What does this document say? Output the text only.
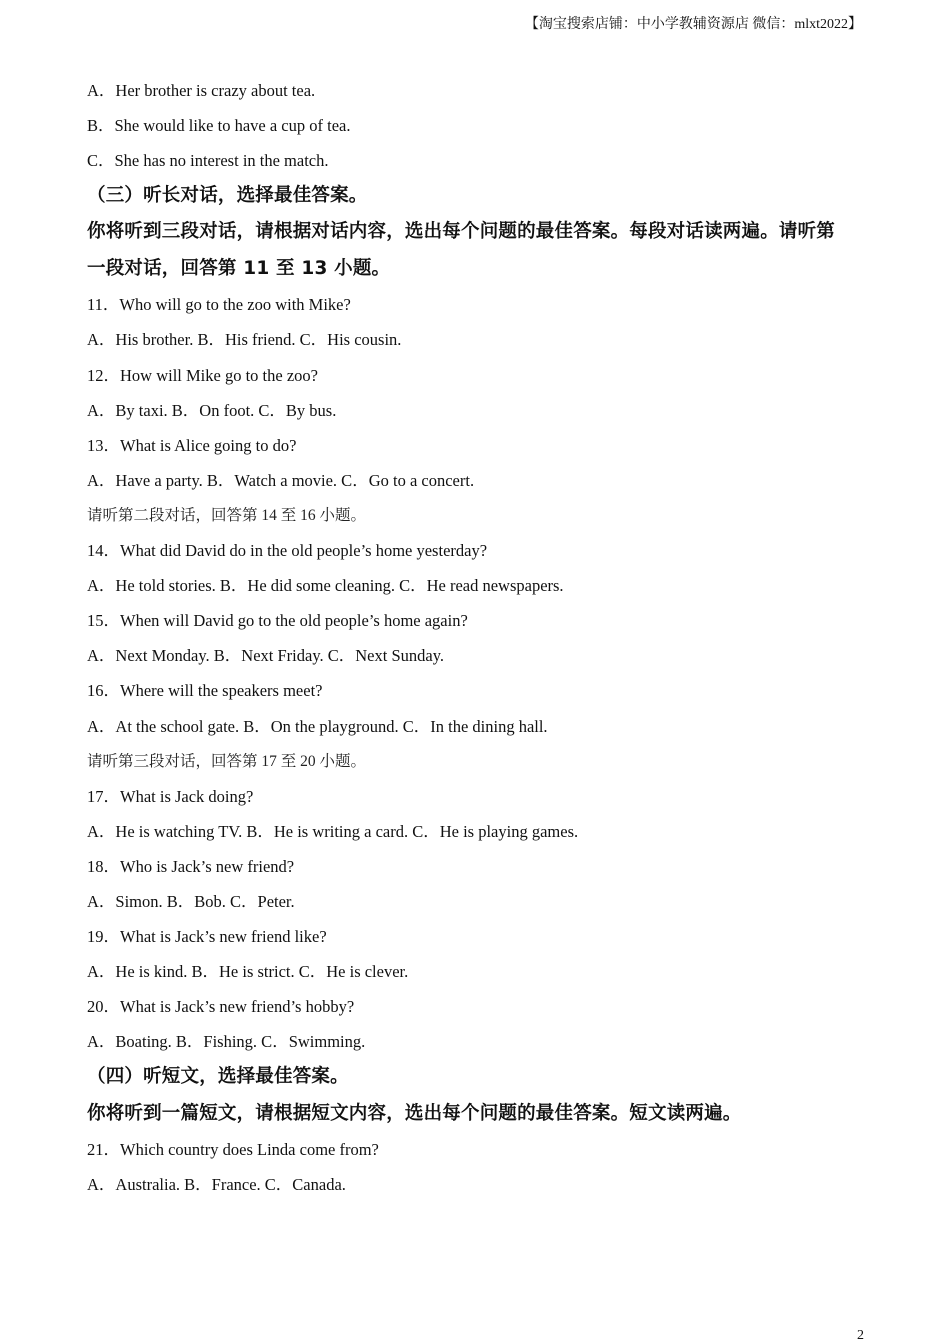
【淘宝搜索店铺：中小学教辅资源店 微信：mlxt2022】
A．Her brother is crazy about tea.
B．She would like to have a cup of tea.
C．She has no interest in the match.
（三）听长对话，选择最佳答案。
你将听到三段对话，请根据对话内容，选出每个问题的最佳答案。每段对话读两遍。请听第
一段对话，回答第 11 至 13 小题。
11．Who will go to the zoo with Mike?
A．His brother. B．His friend. C．His cousin.
12．How will Mike go to the zoo?
A．By taxi. B．On foot. C．By bus.
13．What is Alice going to do?
A．Have a party. B．Watch a movie. C．Go to a concert.
请听第二段对话，回答第 14 至 16 小题。
14．What did David do in the old people’s home yesterday?
A．He told stories. B．He did some cleaning. C．He read newspapers.
15．When will David go to the old people’s home again?
A．Next Monday. B．Next Friday. C．Next Sunday.
16．Where will the speakers meet?
A．At the school gate. B．On the playground. C．In the dining hall.
请听第三段对话，回答第 17 至 20 小题。
17．What is Jack doing?
A．He is watching TV. B．He is writing a card. C．He is playing games.
18．Who is Jack’s new friend?
A．Simon. B．Bob. C．Peter.
19．What is Jack’s new friend like?
A．He is kind. B．He is strict. C．He is clever.
20．What is Jack’s new friend’s hobby?
A．Boating. B．Fishing. C．Swimming.
（四）听短文，选择最佳答案。
你将听到一篇短文，请根据短文内容，选出每个问题的最佳答案。短文读两遍。
21．Which country does Linda come from?
A．Australia. B．France. C．Canada.
2
